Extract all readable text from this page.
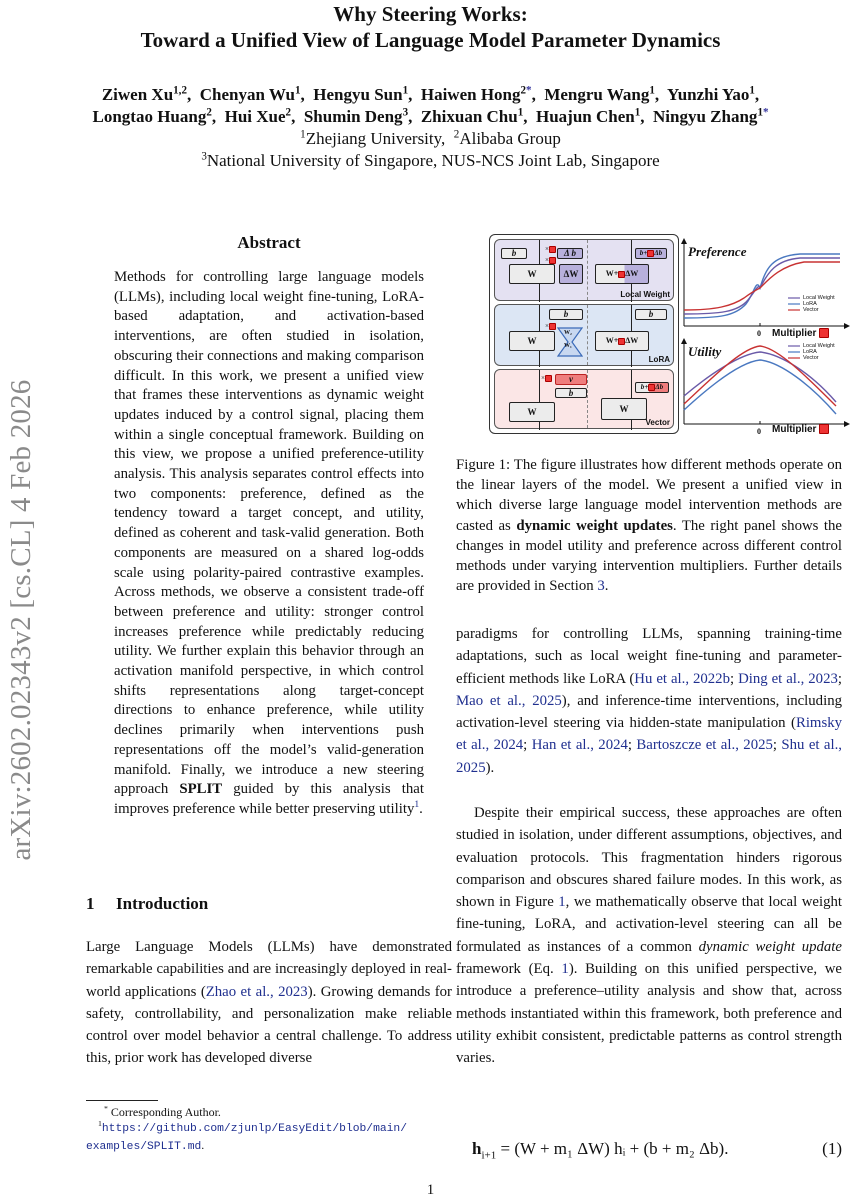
Why Steering Works:
Toward a Unified View of Language Model Parameter Dynamics
Ziwen Xu$^{1,2}$,  Chenyan Wu$^1$,  Hengyu Sun$^1$,  Haiwen Hong$^{2*}$,  Mengru Wang$^1$,  Yunzhi Yao$^1$,
Longtao Huang$^2$,  Hui Xue$^2$,  Shumin Deng$^3$,  Zhixuan Chu$^1$,  Huajun Chen$^1$,  Ningyu Zhang$^{1*}$
$^1$Zhejiang University, $^2$Alibaba Group
$^3$National University of Singapore, NUS-NCS Joint Lab, Singapore
arXiv:2602.02343v2 [cs.CL] 4 Feb 2026
Abstract
Methods for controlling large language models (LLMs), including local weight fine-tuning, LoRA-based adaptation, and activation-based interventions, are often studied in isolation, obscuring their connections and making comparison difficult. In this work, we present a unified view that frames these interventions as dynamic weight updates induced by a control signal, placing them within a single conceptual framework. Building on this view, we propose a unified preference-utility analysis. This analysis separates control effects into two components: preference, defined as the tendency toward a target concept, and utility, defined as coherent and task-valid generation. Both components are measured on a shared log-odds scale using polarity-paired contrastive examples. Across methods, we observe a consistent trade-off between preference and utility: stronger control increases preference while predictably reducing utility. We further explain this behavior through an activation manifold perspective, in which control shifts representations along target-concept directions to enhance preference, while utility declines primarily when interventions push representations off the model’s valid-generation manifold. Finally, we introduce a new steering approach SPLIT guided by this analysis that improves preference while better preserving utility$^1$.
1 Introduction
Large Language Models (LLMs) have demonstrated remarkable capabilities and are increasingly deployed in real-world applications (Zhao et al., 2023). Growing demands for safety, controllability, and personalization make reliable control over model behavior a central challenge. To address this, prior work has developed diverse
* Corresponding Author.
$^1$https://github.com/zjunlp/EasyEdit/blob/main/
examples/SPLIT.md.
b	×
×
Δ b
W	ΔW
b+ Δb
W+ ΔW
Local Weight
b
×
W
W₂
W₁
b
W+ ΔW
LoRA
×	v
b
W
b+ Δb
W
Vector
Preference
Local Weight
LoRA
Vector
0 Multiplier
Utility	Local Weight
LoRA
Vector
0 Multiplier
Figure 1: The figure illustrates how different methods operate on the linear layers of the model. We present a unified view in which diverse large language model intervention methods are casted as dynamic weight updates. The right panel shows the changes in model utility and preference across different control methods under varying intervention multipliers. Further details are provided in Section 3.
paradigms for controlling LLMs, spanning training-time adaptations, such as local weight fine-tuning and parameter-efficient methods like LoRA (Hu et al., 2022b; Ding et al., 2023; Mao et al., 2025), and inference-time interventions, including activation-level steering via hidden-state manipulation (Rimsky et al., 2024; Han et al., 2024; Bartoszcze et al., 2025; Shu et al., 2025).
Despite their empirical success, these approaches are often studied in isolation, under different assumptions, objectives, and evaluation protocols. This fragmentation hinders rigorous comparison and obscures shared failure modes. In this work, as shown in Figure 1, we mathematically observe that local weight fine-tuning, LoRA, and activation-level steering can all be formulated as instances of a common dynamic weight update framework (Eq. 1). Building on this unified perspective, we introduce a preference–utility analysis and show that, across methods instantiated within this framework, both preference and utility exhibit consistent, predictable patterns as control strength varies.
$h_{i+1} = (W + m_1$ ΔW) hᵢ + (b + m₂ Δb).	(1)
1
